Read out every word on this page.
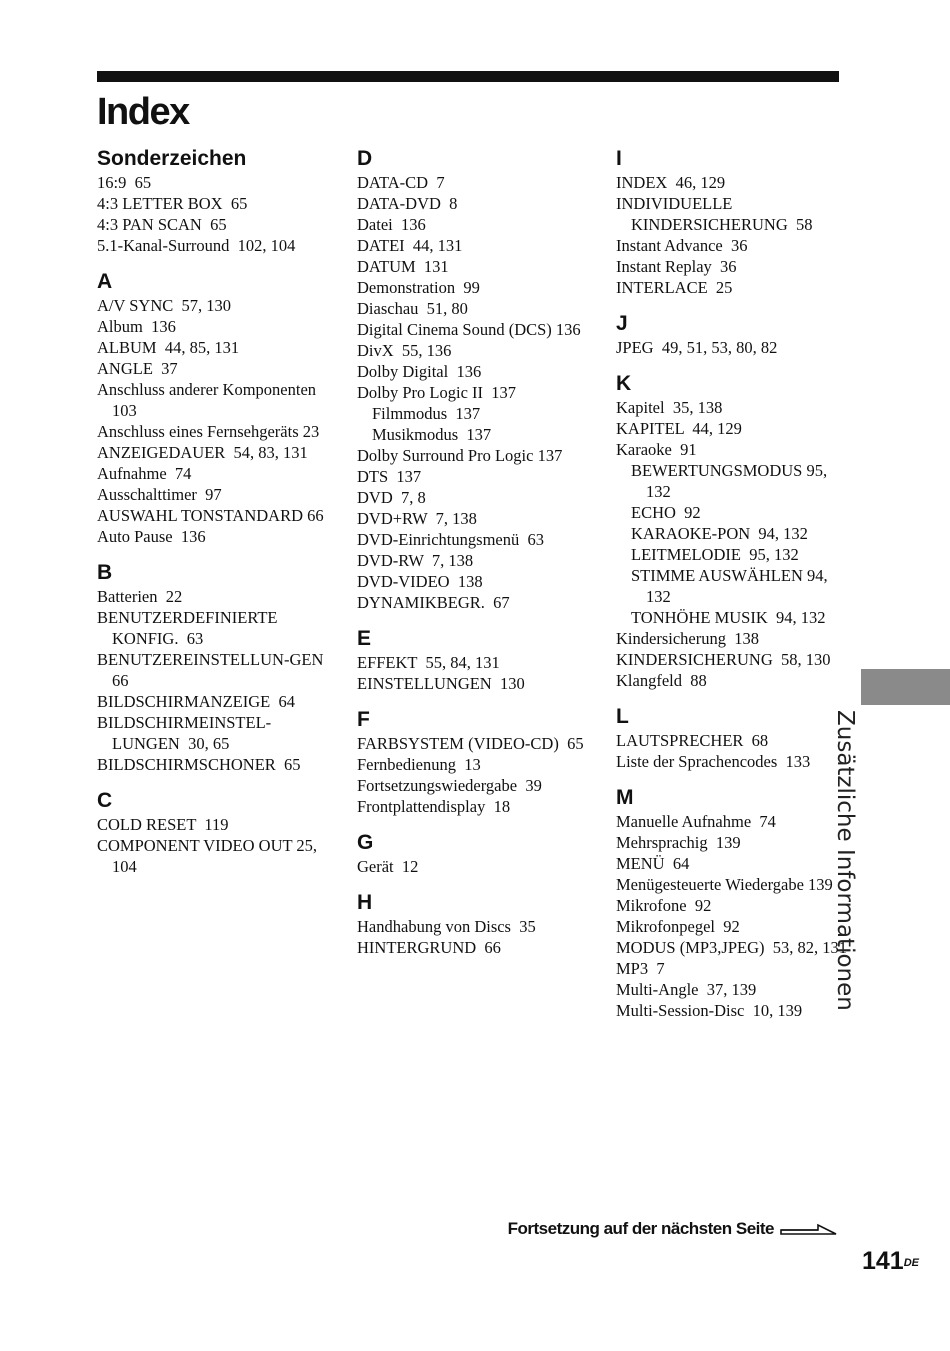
Index
Sonderzeichen
16:9  65
4:3 LETTER BOX  65
4:3 PAN SCAN  65
5.1-Kanal-Surround  102, 104
A
A/V SYNC  57, 130
Album  136
ALBUM  44, 85, 131
ANGLE  37
Anschluss anderer Komponenten  103
Anschluss eines Fernsehgeräts 23
ANZEIGEDAUER  54, 83, 131
Aufnahme  74
Ausschalttimer  97
AUSWAHL TONSTANDARD 66
Auto Pause  136
B
Batterien  22
BENUTZERDEFINIERTE KONFIG.  63
BENUTZEREINSTELLUN-GEN  66
BILDSCHIRMANZEIGE  64
BILDSCHIRMEINSTEL-LUNGEN  30, 65
BILDSCHIRMSCHONER  65
C
COLD RESET  119
COMPONENT VIDEO OUT 25, 104
D
DATA-CD  7
DATA-DVD  8
Datei  136
DATEI  44, 131
DATUM  131
Demonstration  99
Diaschau  51, 80
Digital Cinema Sound (DCS) 136
DivX  55, 136
Dolby Digital  136
Dolby Pro Logic II  137
Filmmodus  137
Musikmodus  137
Dolby Surround Pro Logic 137
DTS  137
DVD  7, 8
DVD+RW  7, 138
DVD-Einrichtungsmenü  63
DVD-RW  7, 138
DVD-VIDEO  138
DYNAMIKBEGR.  67
E
EFFEKT  55, 84, 131
EINSTELLUNGEN  130
F
FARBSYSTEM (VIDEO-CD)  65
Fernbedienung  13
Fortsetzungswiedergabe  39
Frontplattendisplay  18
G
Gerät  12
H
Handhabung von Discs  35
HINTERGRUND  66
I
INDEX  46, 129
INDIVIDUELLE KINDERSICHERUNG  58
Instant Advance  36
Instant Replay  36
INTERLACE  25
J
JPEG  49, 51, 53, 80, 82
K
Kapitel  35, 138
KAPITEL  44, 129
Karaoke  91
BEWERTUNGSMODUS 95, 132
ECHO  92
KARAOKE-PON  94, 132
LEITMELODIE  95, 132
STIMME AUSWÄHLEN 94, 132
TONHÖHE MUSIK  94, 132
Kindersicherung  138
KINDERSICHERUNG  58, 130
Klangfeld  88
L
LAUTSPRECHER  68
Liste der Sprachencodes  133
M
Manuelle Aufnahme  74
Mehrsprachig  139
MENÜ  64
Menügesteuerte Wiedergabe 139
Mikrofone  92
Mikrofonpegel  92
MODUS (MP3,JPEG)  53, 82, 131
MP3  7
Multi-Angle  37, 139
Multi-Session-Disc  10, 139	Zusätzliche Informationen
Fortsetzung auf der nächsten Seite
141DE
